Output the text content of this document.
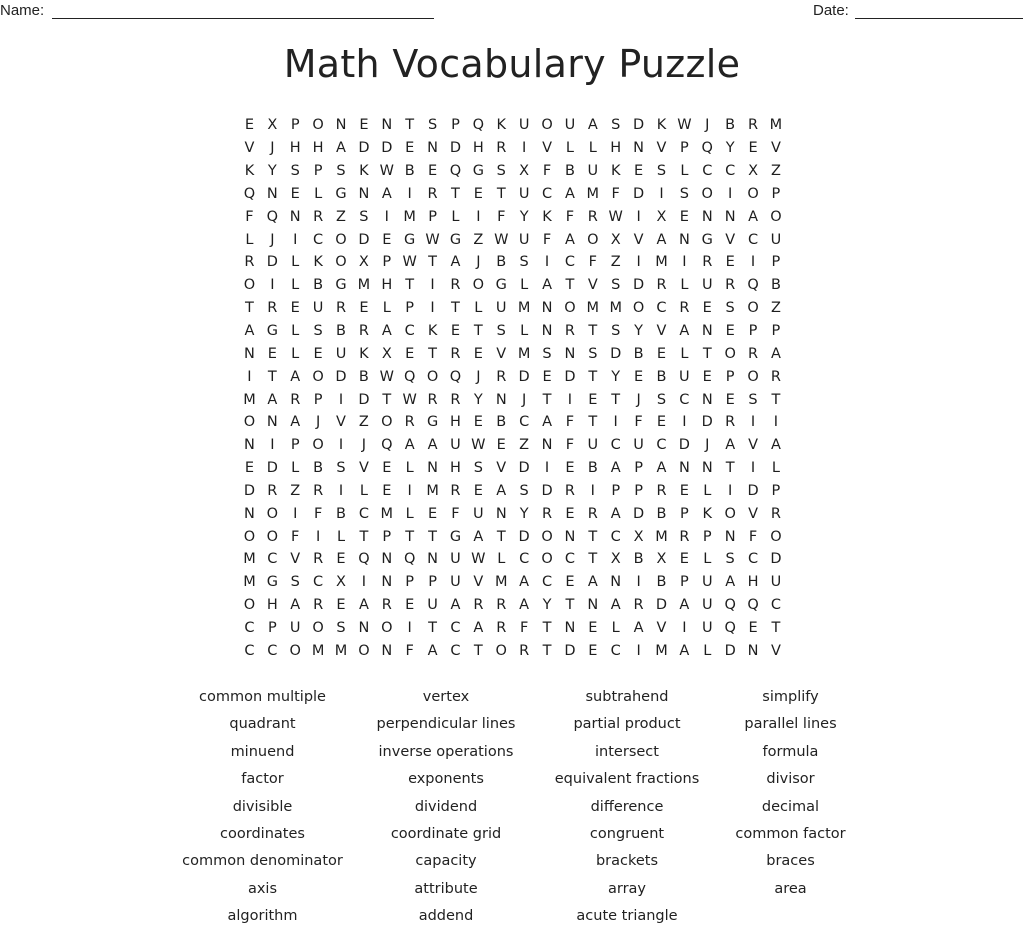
Name:	Date:
Math Vocabulary Puzzle
E X P O N E N T S P Q K U O U A S D K W J	B R M
V	J	H H A D D E N D H R	I	V L	L H N V P Q Y E V
K Y S P S K W B E Q G S X F B U K E S L C C X Z
Q N E L G N A	I	R T E T U C A M F D	I	S O	I	O P
F Q N R Z S	I	M P L	I	F Y K F R W I	X E N N A O
L	J	I	C O D E G W G Z W U F A O X V A N G V C U
R D L K O X P W T A	J	B S	I	C F Z	I	M I	R E	I	P
O	I	L B G M H T	I	R O G L A T V S D R L U R Q B
T R E U R E L P	I	T L U M N O M M O C R E S O Z
A G L S B R A C K E T S L N R T S Y V A N E P P
N E L E U K X E T R E V M S N S D B E L T O R A
I	T A O D B W Q O Q	J	R D E D T Y E B U E P O R
M A R P	I	D T W R R Y N	J	T	I	E T	J	S C N E S T
O N A	J	V Z O R G H E B C A F T	I	F E	I	D R	I	I
N	I	P O	I	J	Q A A U W E Z N F U C U C D	J	A V A
E D L B S V E L N H S V D	I	E B A P A N N T	I	L
D R Z R	I	L E	I	M R E A S D R	I	P P R E L	I	D P
N O	I	F B C M L E F U N Y R E R A D B P K O V R
O O F	I	L T P T T G A T D O N T C X M R P N F O
M C V R E Q N Q N U W L C O C T X B X E L S C D
M G S C X	I	N P P U V M A C E A N	I	B P U A H U
O H A R E A R E U A R R A Y T N A R D A U Q Q C
C P U O S N O	I	T C A R F T N E L A V	I	U Q E T
C C O M M O N F A C T O R T D E C	I	M A L D N V
common multiple	vertex	subtrahend	simplify
quadrant	perpendicular lines	partial product	parallel lines
minuend	inverse operations	intersect	formula
factor	exponents	equivalent fractions	divisor
divisible	dividend	difference	decimal
coordinates	coordinate grid	congruent	common factor
common denominator	capacity	brackets	braces
axis	attribute	array	area
algorithm	addend	acute triangle
